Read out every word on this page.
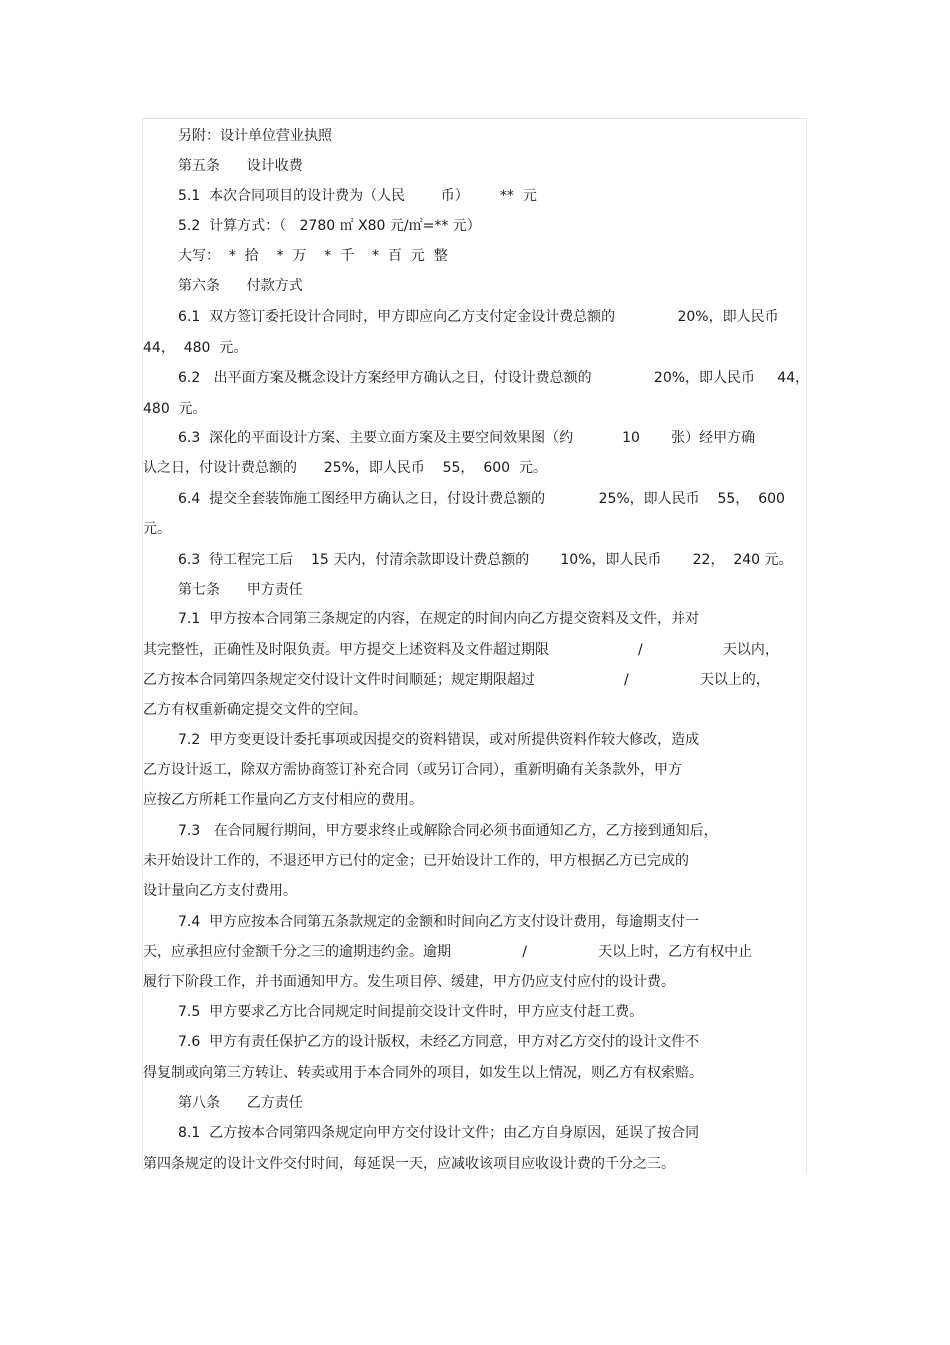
另附：设计单位营业执照

第五条      设计收费

5.1  本次合同项目的设计费为（人民        币）       **  元

5.2  计算方式：（   2780 ㎡ X80 元/㎡=** 元）

大写：  *  拾    *  万    *  千    *  百  元  整

第六条      付款方式

6.1  双方签订委托设计合同时，甲方即应向乙方支付定金设计费总额的              20%，即人民币

44，  480  元。

6.2   出平面方案及概念设计方案经甲方确认之日，付设计费总额的              20%，即人民币     44，

480  元。

6.3  深化的平面设计方案、主要立面方案及主要空间效果图（约           10       张）经甲方确

认之日，付设计费总额的      25%，即人民币    55，  600  元。

6.4  提交全套装饰施工图经甲方确认之日，付设计费总额的            25%，即人民币    55，  600

元。

6.3  待工程完工后    15 天内，付清余款即设计费总额的       10%，即人民币       22，  240 元。

第七条      甲方责任

7.1  甲方按本合同第三条规定的内容，在规定的时间内向乙方提交资料及文件，并对

其完整性，正确性及时限负责。甲方提交上述资料及文件超过期限                    /                  天以内，

乙方按本合同第四条规定交付设计文件时间顺延；规定期限超过                    /                天以上的，

乙方有权重新确定提交文件的空间。

7.2  甲方变更设计委托事项或因提交的资料错误，或对所提供资料作较大修改，造成

乙方设计返工，除双方需协商签订补充合同（或另订合同），重新明确有关条款外，甲方

应按乙方所耗工作量向乙方支付相应的费用。

7.3   在合同履行期间，甲方要求终止或解除合同必须书面通知乙方，乙方接到通知后，

未开始设计工作的，不退还甲方已付的定金；已开始设计工作的，甲方根据乙方已完成的

设计量向乙方支付费用。

7.4  甲方应按本合同第五条款规定的金额和时间向乙方支付设计费用，每逾期支付一

天，应承担应付金额千分之三的逾期违约金。逾期                /                天以上时，乙方有权中止

履行下阶段工作，并书面通知甲方。发生项目停、缓建，甲方仍应支付应付的设计费。

7.5  甲方要求乙方比合同规定时间提前交设计文件时，甲方应支付赶工费。

7.6  甲方有责任保护乙方的设计版权，未经乙方同意，甲方对乙方交付的设计文件不

得复制或向第三方转让、转卖或用于本合同外的项目，如发生以上情况，则乙方有权索赔。

第八条      乙方责任

8.1  乙方按本合同第四条规定向甲方交付设计文件；由乙方自身原因，延误了按合同

第四条规定的设计文件交付时间，每延误一天，应减收该项目应收设计费的千分之三。
